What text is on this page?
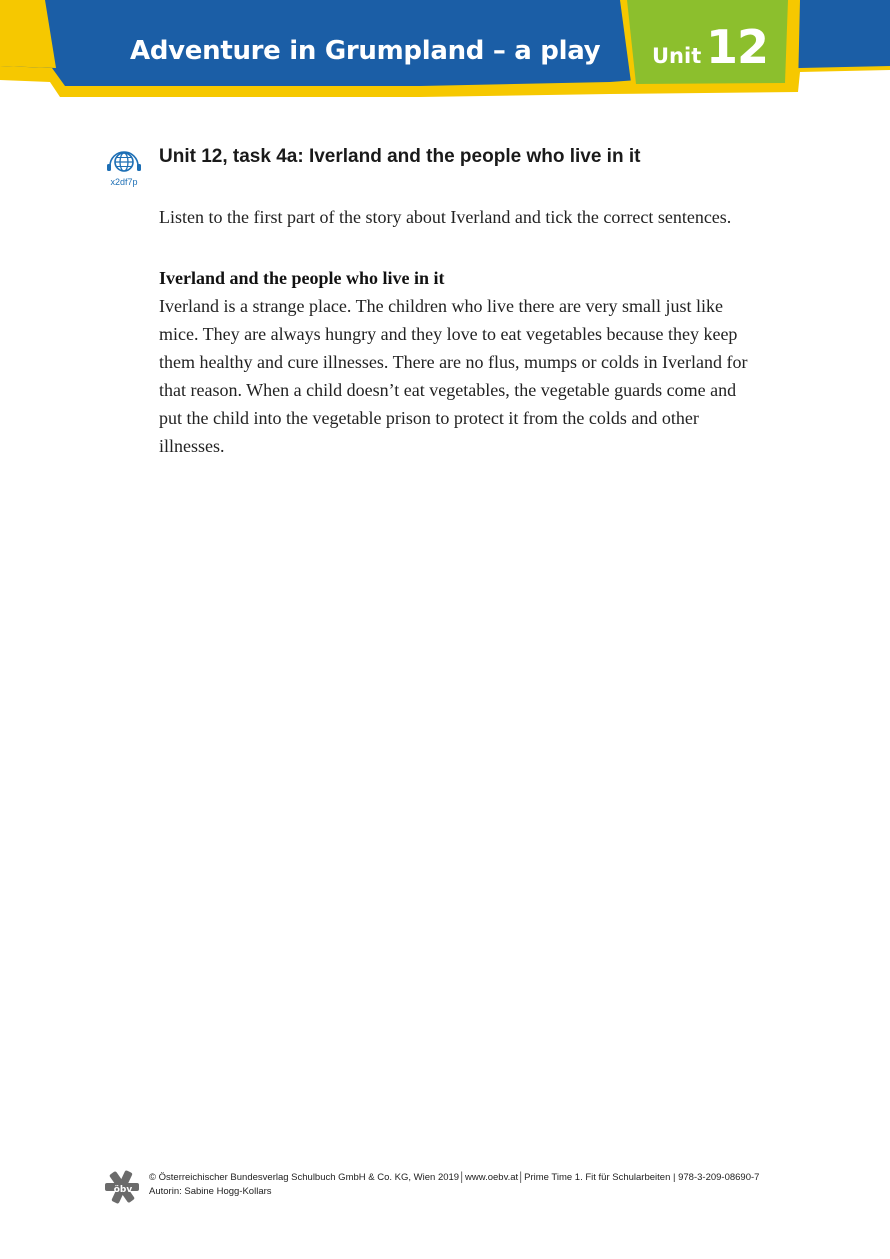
Adventure in Grumpland – a play Unit 12
x2df7p
Unit 12, task 4a: Iverland and the people who live in it
Listen to the first part of the story about Iverland and tick the correct sentences.
Iverland and the people who live in it

Iverland is a strange place. The children who live there are very small just like

mice. They are always hungry and they love to eat vegetables because they keep

them healthy and cure illnesses. There are no flus, mumps or colds in Iverland for

that reason. When a child doesn’t eat vegetables, the vegetable guards come and

put the child into the vegetable prison to protect it from the colds and other

illnesses.

öbv
© Österreichischer Bundesverlag Schulbuch GmbH & Co. KG, Wien 2019│www.oebv.at│Prime Time 1. Fit für Schularbeiten | 978-3-209-08690-7
Autorin: Sabine Hogg-Kollars
